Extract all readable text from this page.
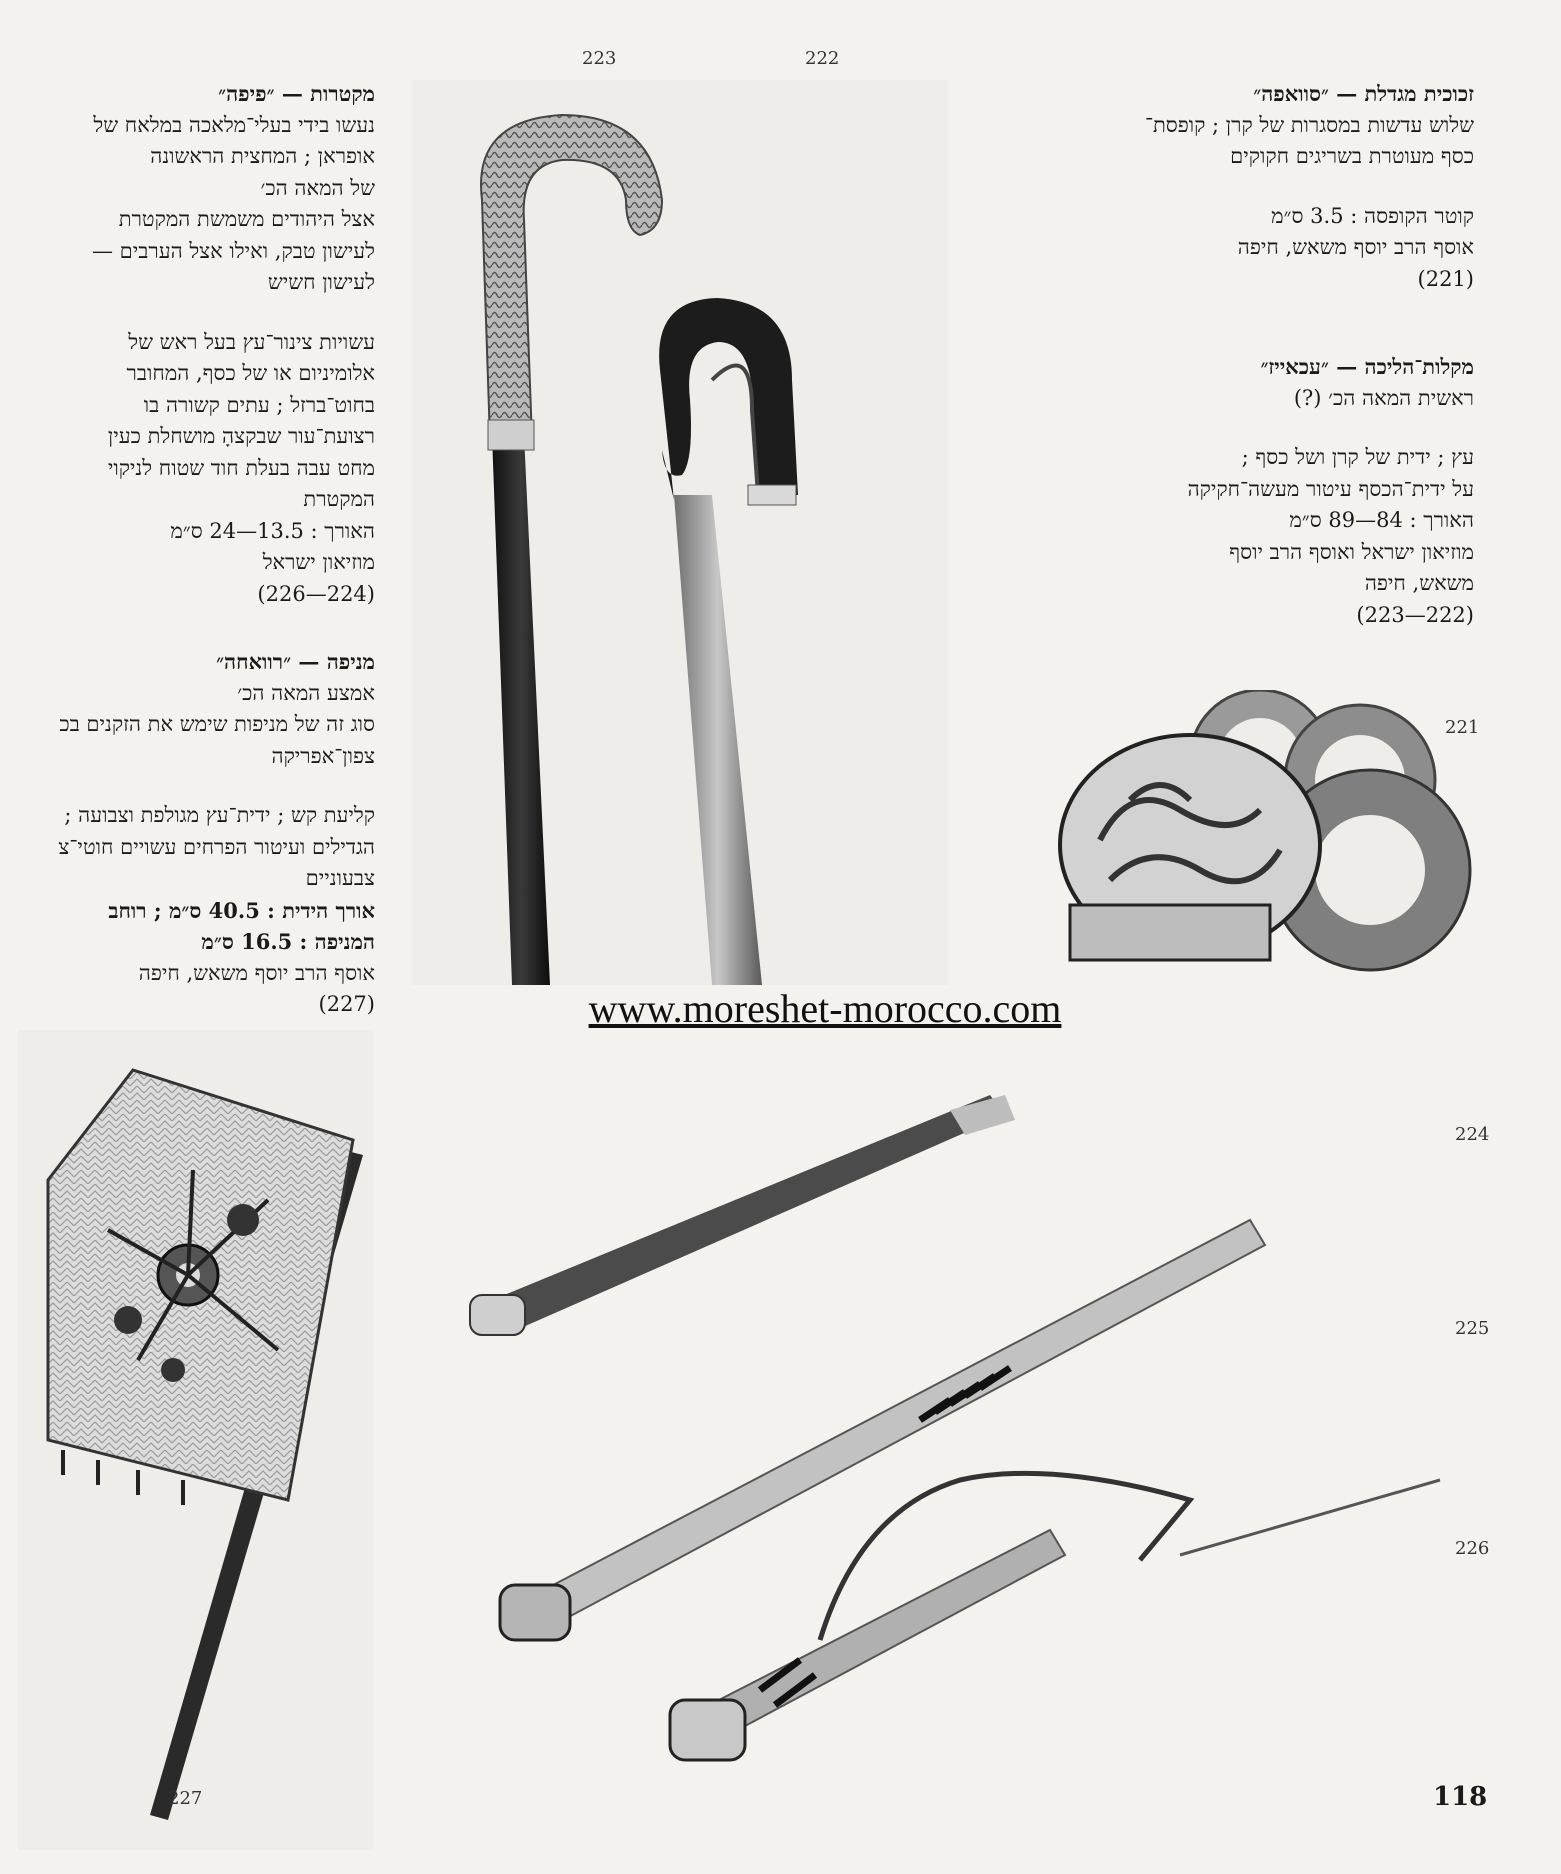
223	222

זכוכית מגדלת — ״סוואפה״

שלוש עדשות במסגרות של קרן ; קופסת־

כסף מעוטרת בשריגים חקוקים

קוטר הקופסה : 3.5 ס״מ

אוסף הרב יוסף משאש, חיפה

(221)

מקלות־הליכה — ״עכאייז״

ראשית המאה הכ׳ (?)

עץ ; ידית של קרן ושל כסף ;

על ידית־הכסף עיטור מעשה־חקיקה

האורך : 84—89 ס״מ

מוזיאון ישראל ואוסף הרב יוסף

משאש, חיפה

(222—223)

מקטרות — ״פיפה״

נעשו בידי בעלי־מלאכה במלאח של

אופראן ; המחצית הראשונה

של המאה הכ׳

אצל היהודים משמשת המקטרת

לעישון טבק, ואילו אצל הערבים —

לעישון חשיש

עשויות צינור־עץ בעל ראש של

אלומיניום או של כסף, המחובר

בחוט־ברזל ; עתים קשורה בו

רצועת־עור שבקצהָ מושחלת כעין

מחט עבה בעלת חוד שטוח לניקוי

המקטרת

האורך : 13.5—24 ס״מ

מוזיאון ישראל

(224—226)

מניפה — ״רוואחה״

אמצע המאה הכ׳

סוג זה של מניפות שימש את הזקנים בכ

צפון־אפריקה

קליעת קש ; ידית־עץ מגולפת וצבועה ;

הגדילים ועיטור הפרחים עשויים חוטי־צ

צבעוניים

אורך הידית : 40.5 ס״מ ; רוחב

המניפה : 16.5 ס״מ

אוסף הרב יוסף משאש, חיפה

(227)

221
224
225
226
227
www.moreshet-morocco.com
118
